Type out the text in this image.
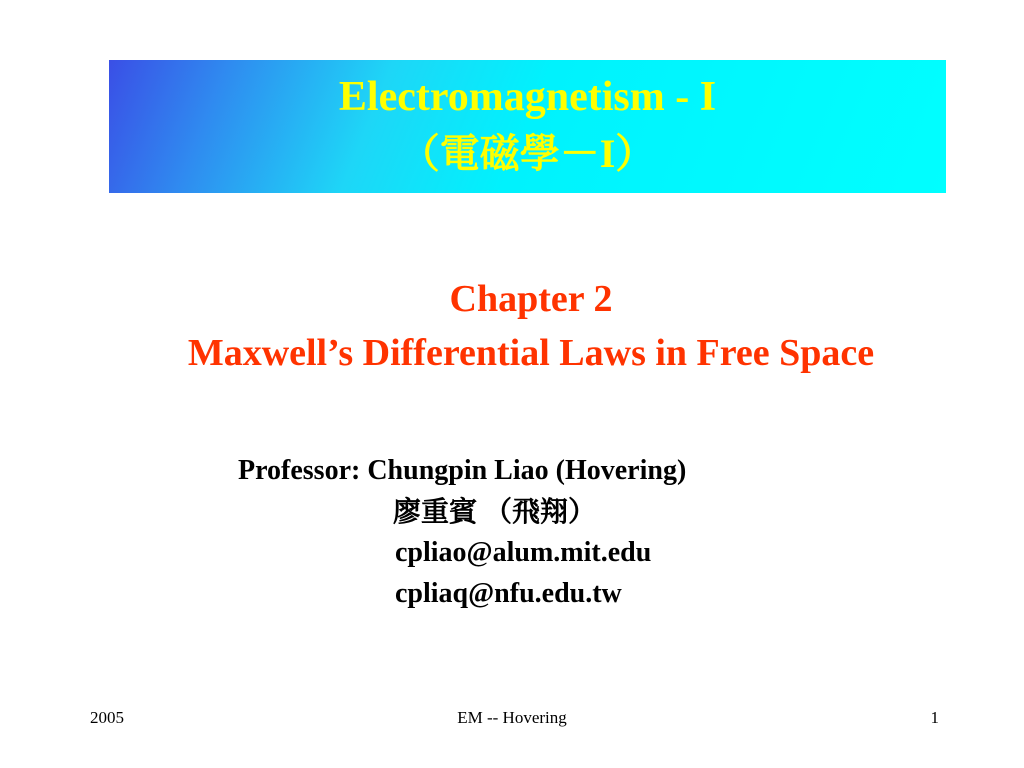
Electromagnetism - I
（電磁學－I）
Chapter 2
Maxwell’s Differential Laws in Free Space
Professor: Chungpin Liao (Hovering)
廖重賓 （飛翔）
cpliao@alum.mit.edu
cpliaq@nfu.edu.tw
2005	EM -- Hovering	1
